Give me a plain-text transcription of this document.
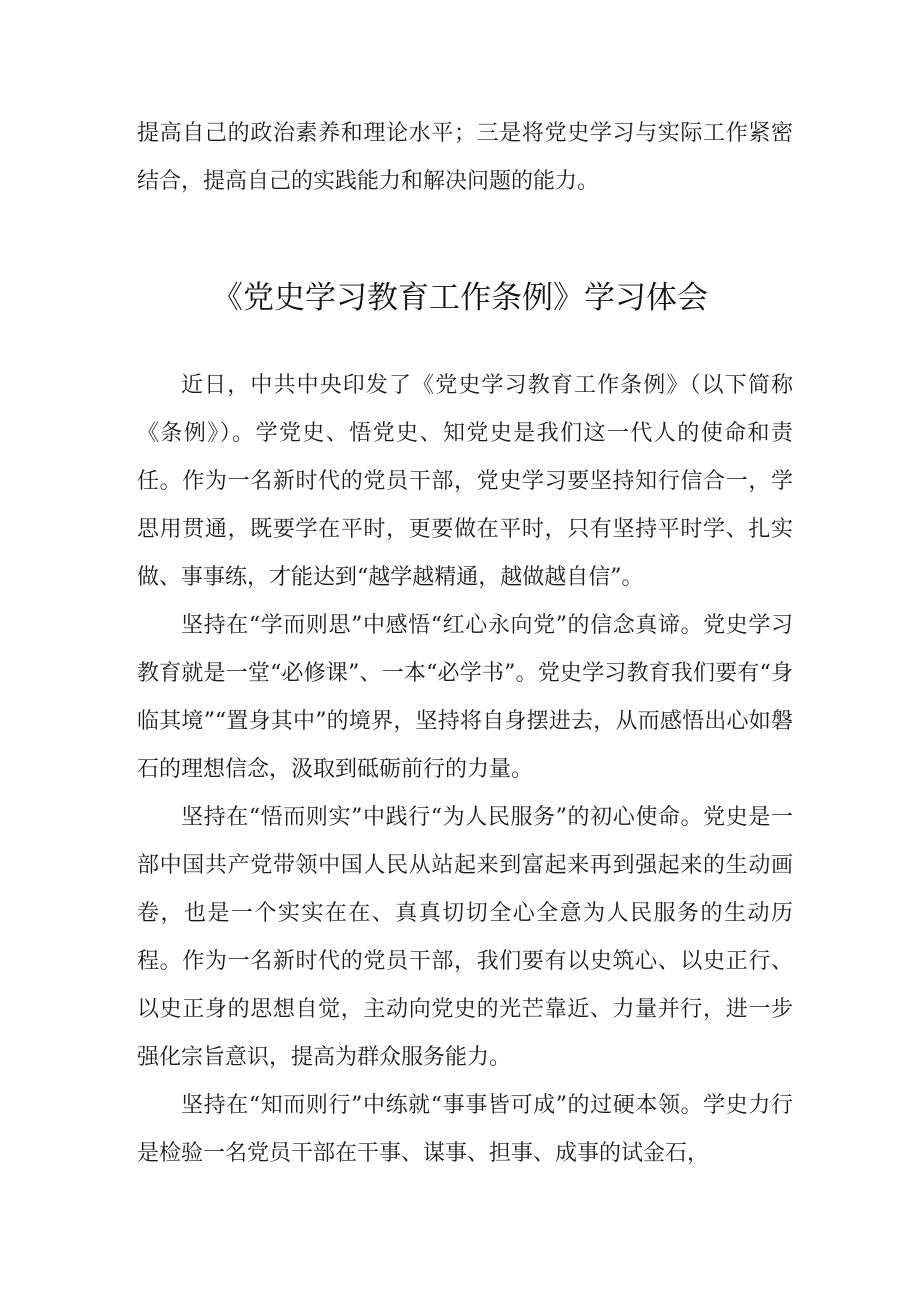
提高自己的政治素养和理论水平；三是将党史学习与实际工作紧密结合，提高自己的实践能力和解决问题的能力。

《党史学习教育工作条例》学习体会

近日，中共中央印发了《党史学习教育工作条例》（以下简称《条例》）。学党史、悟党史、知党史是我们这一代人的使命和责任。作为一名新时代的党员干部，党史学习要坚持知行信合一，学思用贯通，既要学在平时，更要做在平时，只有坚持平时学、扎实做、事事练，才能达到“越学越精通，越做越自信”。

坚持在“学而则思”中感悟“红心永向党”的信念真谛。党史学习教育就是一堂“必修课”、一本“必学书”。党史学习教育我们要有“身临其境”“置身其中”的境界，坚持将自身摆进去，从而感悟出心如磐石的理想信念，汲取到砥砺前行的力量。

坚持在“悟而则实”中践行“为人民服务”的初心使命。党史是一部中国共产党带领中国人民从站起来到富起来再到强起来的生动画卷，也是一个实实在在、真真切切全心全意为人民服务的生动历程。作为一名新时代的党员干部，我们要有以史筑心、以史正行、以史正身的思想自觉，主动向党史的光芒靠近、力量并行，进一步强化宗旨意识，提高为群众服务能力。

坚持在“知而则行”中练就“事事皆可成”的过硬本领。学史力行是检验一名党员干部在干事、谋事、担事、成事的试金石，
